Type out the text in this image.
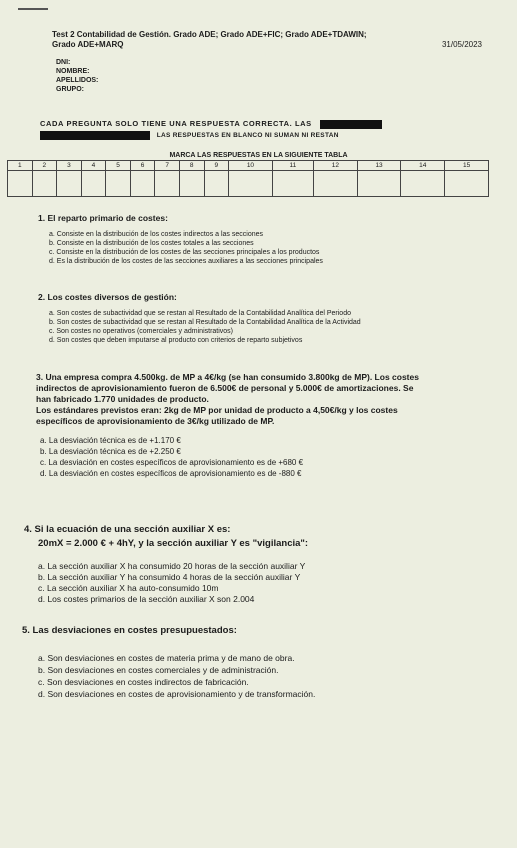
Test 2 Contabilidad de Gestión. Grado ADE; Grado ADE+FIC; Grado ADE+TDAWIN;
Grado ADE+MARQ	31/05/2023
DNI:
NOMBRE:
APELLIDOS:
GRUPO:
CADA PREGUNTA SOLO TIENE UNA RESPUESTA CORRECTA. LAS
LAS RESPUESTAS EN BLANCO NI SUMAN NI RESTAN
MARCA LAS RESPUESTAS EN LA SIGUIENTE TABLA
1	2	3	4	5	6	7	8	9	10	11	12	13	14	15

1. El reparto primario de costes:
a. Consiste en la distribución de los costes indirectos a las secciones
b. Consiste en la distribución de los costes totales a las secciones
c. Consiste en la distribución de los costes de las secciones principales a los productos
d. Es la distribución de los costes de las secciones auxiliares a las secciones principales
2. Los costes diversos de gestión:
a. Son costes de subactividad que se restan al Resultado de la Contabilidad Analítica del Periodo
b. Son costes de subactividad que se restan al Resultado de la Contabilidad Analítica de la Actividad
c. Son costes no operativos (comerciales y administrativos)
d. Son costes que deben imputarse al producto con criterios de reparto subjetivos
3. Una empresa compra 4.500kg. de MP a 4€/kg (se han consumido 3.800kg de MP). Los costes
indirectos de aprovisionamiento fueron de 6.500€ de personal y 5.000€ de amortizaciones. Se
han fabricado 1.770 unidades de producto.
Los estándares previstos eran: 2kg de MP por unidad de producto a 4,50€/kg y los costes
específicos de aprovisionamiento de 3€/kg utilizado de MP.
a. La desviación técnica es de +1.170 €
b. La desviación técnica es de +2.250 €
c. La desviación en costes específicos de aprovisionamiento es de +680 €
d. La desviación en costes específicos de aprovisionamiento es de -880 €
4. Si la ecuación de una sección auxiliar X es:
20mX = 2.000 € + 4hY, y la sección auxiliar Y es "vigilancia":
a. La sección auxiliar X ha consumido 20 horas de la sección auxiliar Y
b. La sección auxiliar Y ha consumido 4 horas de la sección auxiliar Y
c. La sección auxiliar X ha auto-consumido 10m
d. Los costes primarios de la sección auxiliar X son 2.004
5. Las desviaciones en costes presupuestados:
a. Son desviaciones en costes de materia prima y de mano de obra.
b. Son desviaciones en costes comerciales y de administración.
c. Son desviaciones en costes indirectos de fabricación.
d. Son desviaciones en costes de aprovisionamiento y de transformación.
